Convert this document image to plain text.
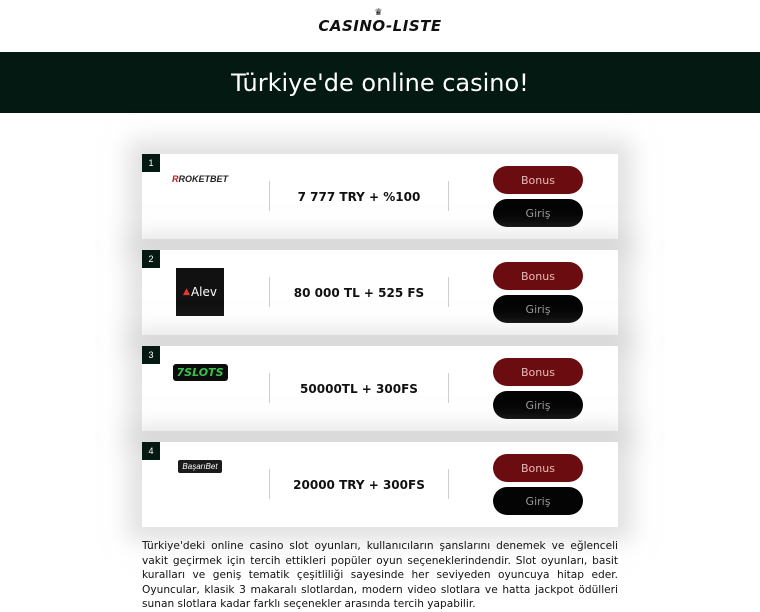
♛
CASINO-LISTE
Türkiye'de online casino!
1
RROKETBET
7 777 TRY + %100
Bonus
Giriş
2
▲ Alev	80 000 TL + 525 FS
Bonus
Giriş
3
7SLOTS
50000TL + 300FS
Bonus
Giriş
4
BaşarıBet
20000 TRY + 300FS
Bonus
Giriş

Türkiye'deki online casino slot oyunları, kullanıcıların şanslarını denemek ve eğlenceli vakit geçirmek için tercih ettikleri popüler oyun seçeneklerindendir. Slot oyunları, basit kuralları ve geniş tematik çeşitliliği sayesinde her seviyeden oyuncuya hitap eder. Oyuncular, klasik 3 makaralı slotlardan, modern video slotlara ve hatta jackpot ödülleri sunan slotlara kadar farklı seçenekler arasında tercih yapabilir.
